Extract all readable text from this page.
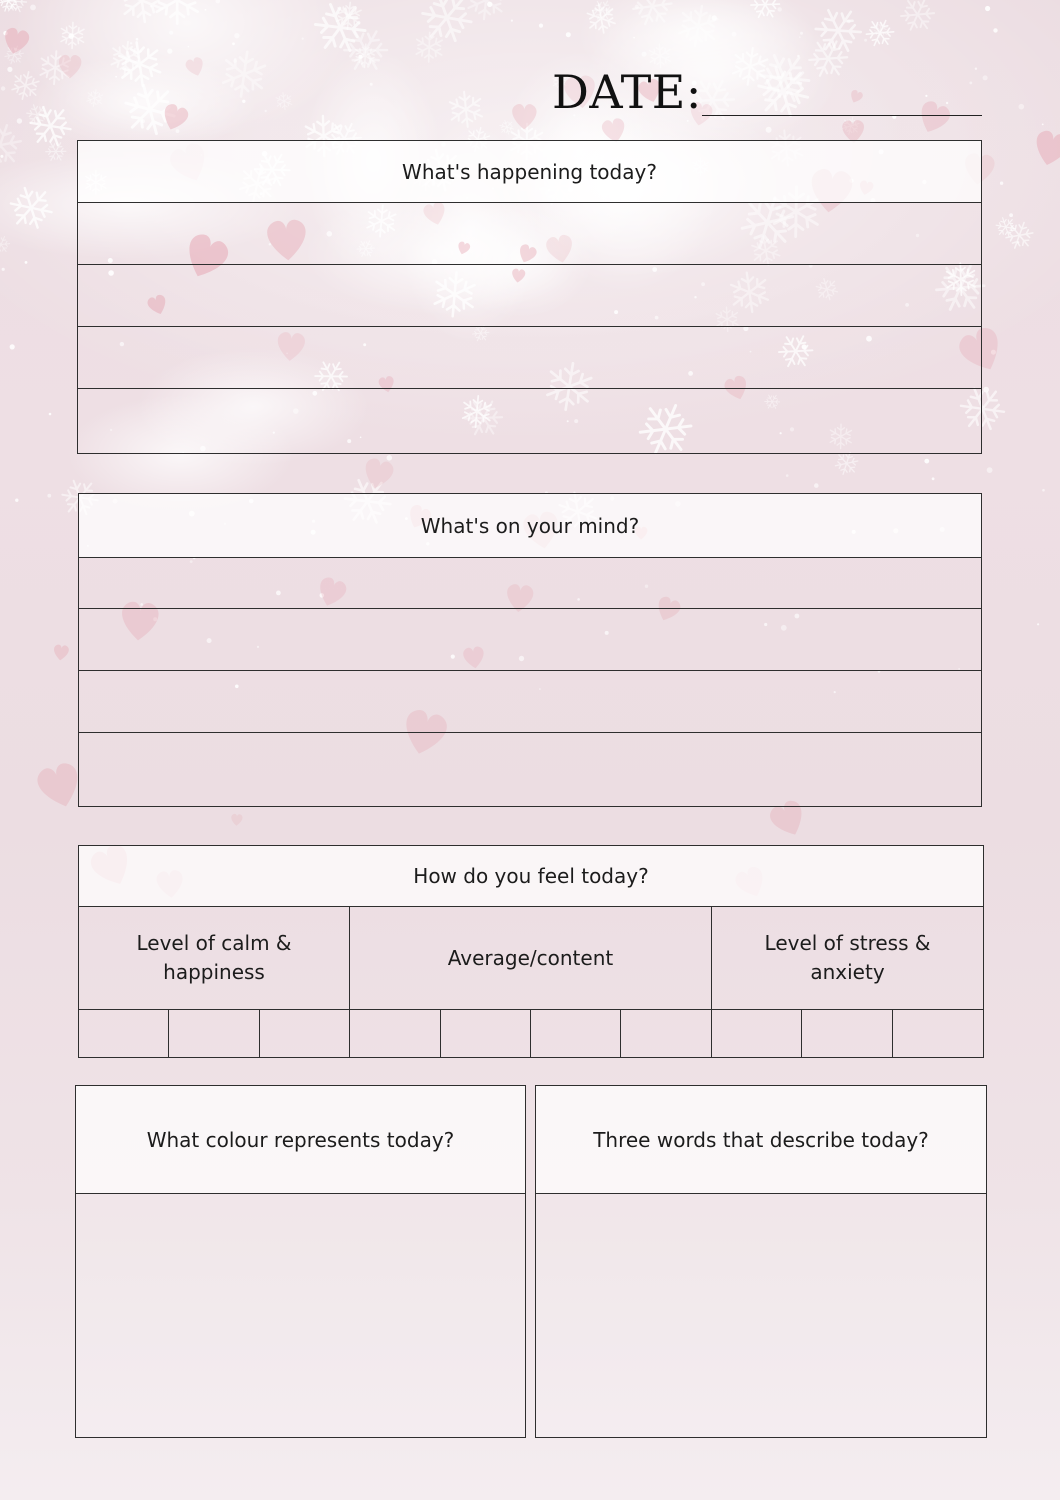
DATE:
What's happening today?
What's on your mind?
How do you feel today?
Level of calm & happiness
Average/content
Level of stress & anxiety
What colour represents today?	Three words that describe today?
